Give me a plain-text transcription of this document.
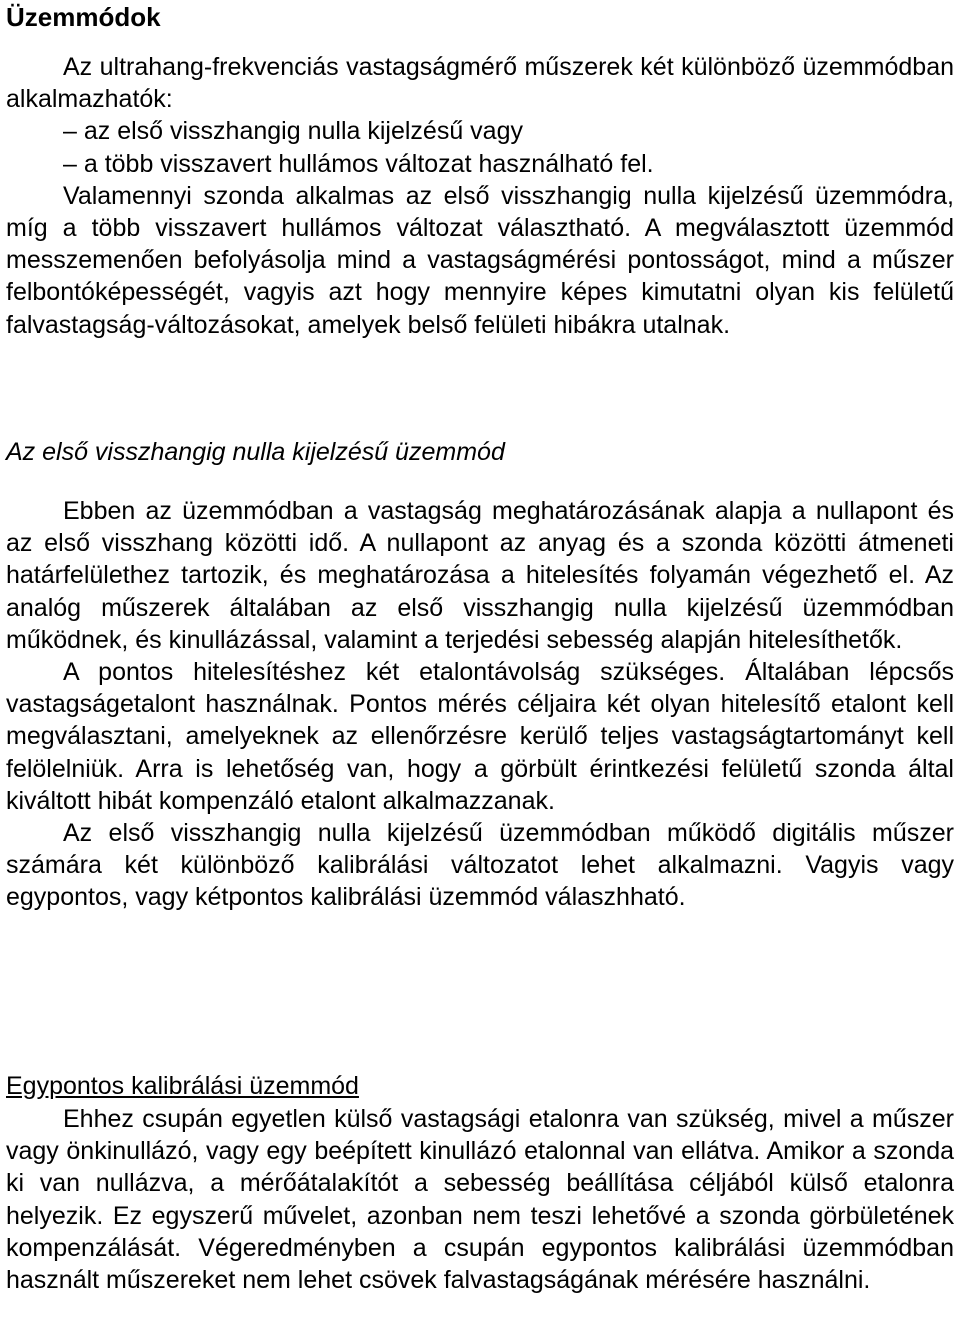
Üzemmódok

Az ultrahang-frekvenciás vastagságmérő műszerek két különböző üzemmódban alkalmazhatók:

– az első visszhangig nulla kijelzésű vagy
– a több visszavert hullámos változat használható fel.

Valamennyi szonda alkalmas az első visszhangig nulla kijelzésű üzemmódra, míg a több visszavert hullámos változat választható. A megválasztott üzemmód messzemenően befolyásolja mind a vastagságmérési pontosságot, mind a műszer felbontóképességét, vagyis azt hogy mennyire képes kimutatni olyan kis felületű falvastagság-változásokat, amelyek belső felületi hibákra utalnak.

Az első visszhangig nulla kijelzésű üzemmód

Ebben az üzemmódban a vastagság meghatározásának alapja a nullapont és az első visszhang közötti idő. A nullapont az anyag és a szonda közötti átmeneti határfelülethez tartozik, és meghatározása a hitelesítés folyamán végezhető el. Az analóg műszerek általában az első visszhangig nulla kijelzésű üzemmódban működnek, és kinullázással, valamint a terjedési sebesség alapján hitelesíthetők.

A pontos hitelesítéshez két etalontávolság szükséges. Általában lépcsős vastagságetalont használnak. Pontos mérés céljaira két olyan hitelesítő etalont kell megválasztani, amelyeknek az ellenőrzésre kerülő teljes vastagságtartományt kell felölelniük. Arra is lehetőség van, hogy a görbült érintkezési felületű szonda által kiváltott hibát kompenzáló etalont alkalmazzanak.

Az első visszhangig nulla kijelzésű üzemmódban működő digitális műszer számára két különböző kalibrálási változatot lehet alkalmazni. Vagyis vagy egypontos, vagy kétpontos kalibrálási üzemmód válaszhható.

Egypontos kalibrálási üzemmód

Ehhez csupán egyetlen külső vastagsági etalonra van szükség, mivel a műszer vagy önkinullázó, vagy egy beépített kinullázó etalonnal van ellátva. Amikor a szonda ki van nullázva, a mérőátalakítót a sebesség beállítása céljából külső etalonra helyezik. Ez egyszerű művelet, azonban nem teszi lehetővé a szonda görbületének kompenzálását. Végeredményben a csupán egypontos kalibrálási üzemmódban használt műszereket nem lehet csövek falvastagságának mérésére használni.
